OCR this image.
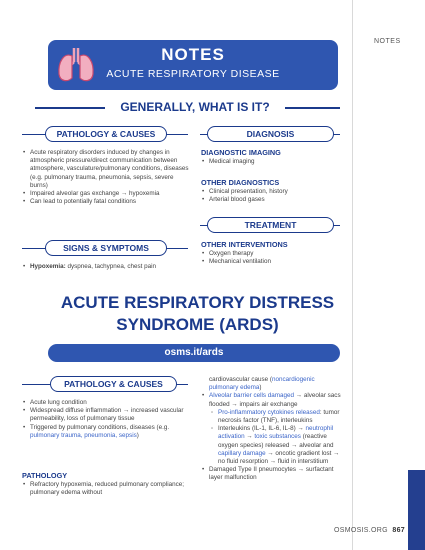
NOTES
NOTES
ACUTE RESPIRATORY DISEASE
GENERALLY, WHAT IS IT?
PATHOLOGY & CAUSES
• Acute respiratory disorders induced by changes in atmospheric pressure/direct communication between atmosphere, vasculature/pulmonary conditions, diseases (e.g. pulmonary trauma, pneumonia, sepsis, severe burns)
• Impaired alveolar gas exchange → hypoxemia
• Can lead to potentially fatal conditions
SIGNS & SYMPTOMS
• Hypoxemia: dyspnea, tachypnea, chest pain
DIAGNOSIS
DIAGNOSTIC IMAGING
• Medical imaging
OTHER DIAGNOSTICS
• Clinical presentation, history
• Arterial blood gases
TREATMENT
OTHER INTERVENTIONS
• Oxygen therapy
• Mechanical ventilation
ACUTE RESPIRATORY DISTRESS
SYNDROME (ARDS)
osms.it/ards
PATHOLOGY & CAUSES
• Acute lung condition
• Widespread diffuse inflammation → increased vascular permeability, loss of pulmonary tissue
• Triggered by pulmonary conditions, diseases (e.g. pulmonary trauma, pneumonia, sepsis)
PATHOLOGY
• Refractory hypoxemia, reduced pulmonary compliance; pulmonary edema without
cardiovascular cause (noncardiogenic pulmonary edema)
• Alveolar barrier cells damaged → alveolar sacs flooded → impairs air exchange
◦ Pro-inflammatory cytokines released: tumor necrosis factor (TNF), interleukins
◦ Interleukins (IL-1, IL-6, IL-8) → neutrophil activation → toxic substances (reactive oxygen species) released → alveolar and capillary damage → oncotic gradient lost → no fluid resorption → fluid in interstitium
• Damaged Type II pneumocytes → surfactant layer malfunction
OSMOSIS.ORG 867
